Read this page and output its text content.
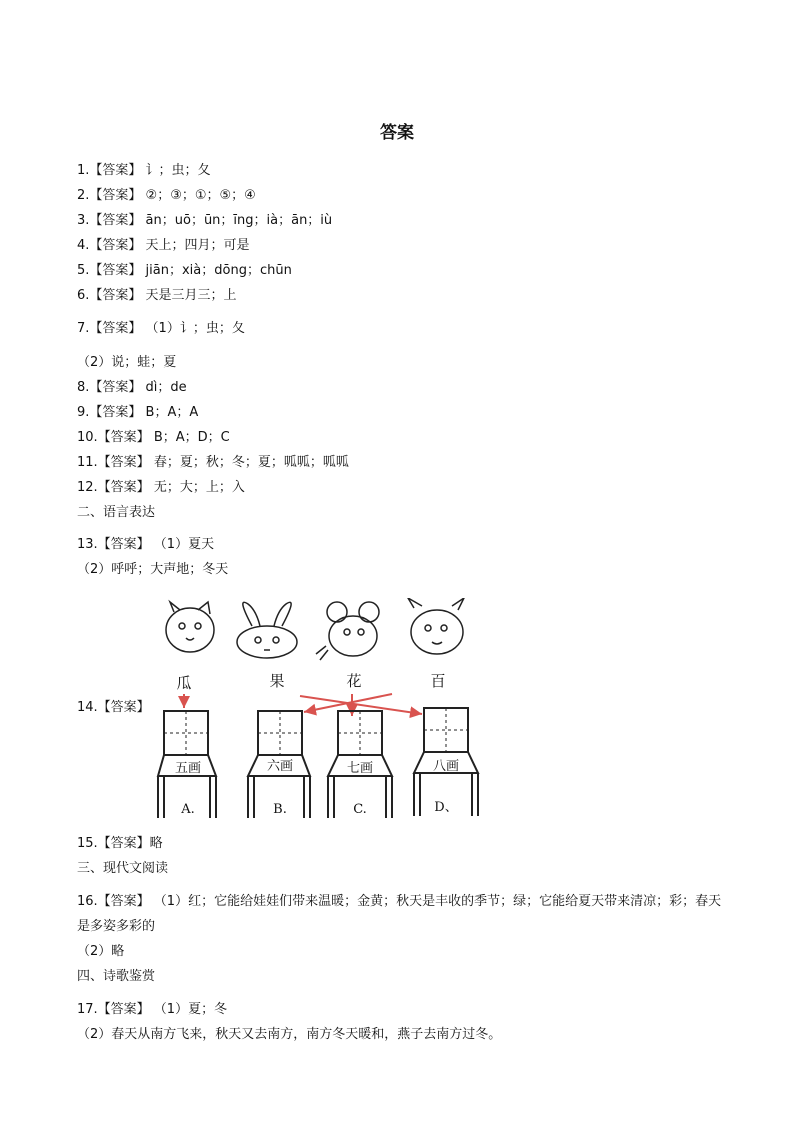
答案
1.【答案】 讠；虫；夂
2.【答案】 ②；③；①；⑤；④
3.【答案】 ān；uō；ūn；īng；ià；ān；iù
4.【答案】 天上；四月；可是
5.【答案】 jiān；xià；dōng；chūn
6.【答案】 天是三月三；上
7.【答案】 （1）讠；虫；夂
（2）说；蛙；夏
8.【答案】 dì；de
9.【答案】 B；A；A
10.【答案】 B；A；D；C
11.【答案】 春；夏；秋；冬；夏；呱呱；呱呱
12.【答案】 无；大；上；入
二、语言表达
13.【答案】 （1）夏天
（2）呼呼；大声地；冬天
14.【答案】
瓜	果	花	百
五画	六画	七画	八画
A.	B.	C.	D、
15.【答案】略
三、现代文阅读
16.【答案】 （1）红；它能给娃娃们带来温暖；金黄；秋天是丰收的季节；绿；它能给夏天带来清凉；彩；春天是多姿多彩的
（2）略
四、诗歌鉴赏
17.【答案】 （1）夏；冬
（2）春天从南方飞来，秋天又去南方，南方冬天暖和，燕子去南方过冬。
